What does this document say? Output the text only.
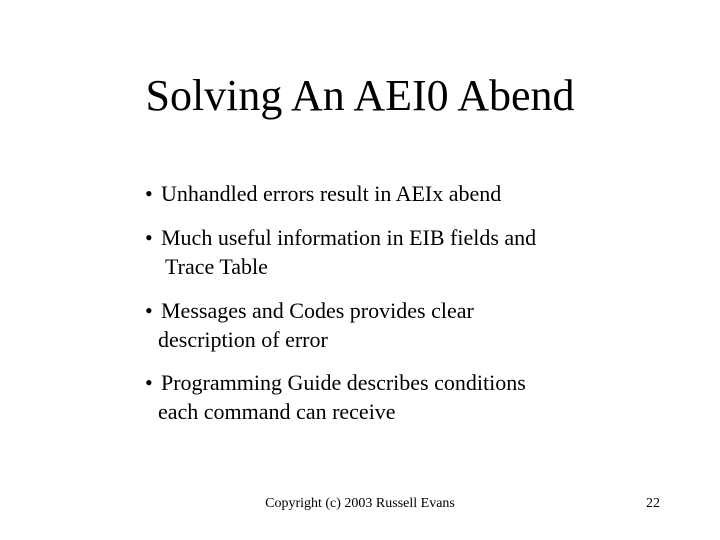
Solving An AEI0 Abend
• Unhandled errors result in AEIx abend
• Much useful information in EIB fields and
Trace Table
• Messages and Codes provides clear
description of error
• Programming Guide describes conditions
each command can receive
Copyright (c) 2003 Russell Evans	22
